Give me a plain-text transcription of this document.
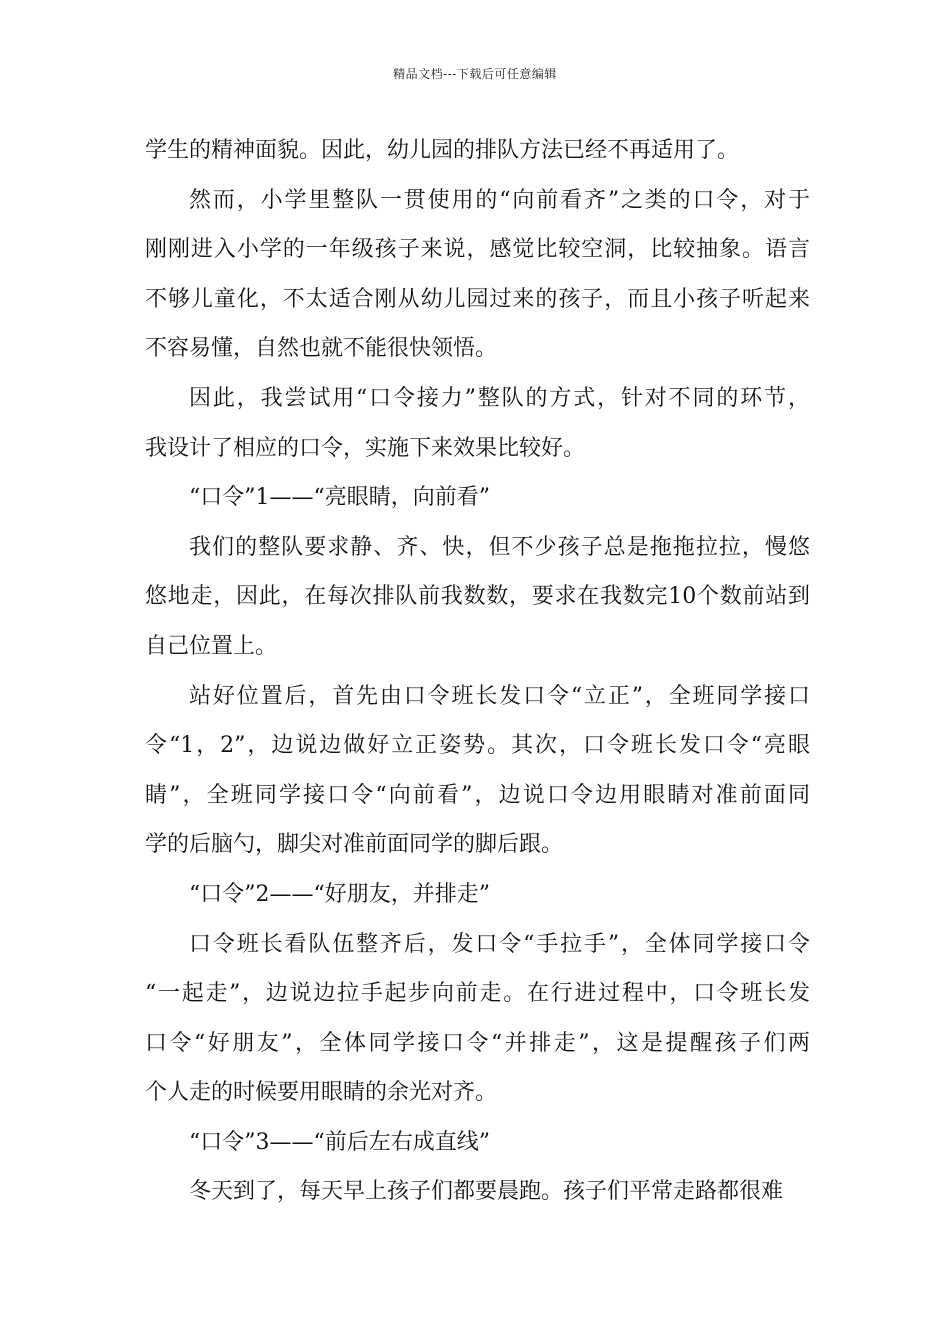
精品文档---下载后可任意编辑
学生的精神面貌。因此，幼儿园的排队方法已经不再适用了。
然而，小学里整队一贯使用的“向前看齐”之类的口令，对于
刚刚进入小学的一年级孩子来说，感觉比较空洞，比较抽象。语言
不够儿童化，不太适合刚从幼儿园过来的孩子，而且小孩子听起来
不容易懂，自然也就不能很快领悟。
因此，我尝试用“口令接力”整队的方式，针对不同的环节，
我设计了相应的口令，实施下来效果比较好。
“口令”1——“亮眼睛，向前看”
我们的整队要求静、齐、快，但不少孩子总是拖拖拉拉，慢悠
悠地走，因此，在每次排队前我数数，要求在我数完10个数前站到
自己位置上。
站好位置后，首先由口令班长发口令“立正”，全班同学接口
令“1，2”，边说边做好立正姿势。其次，口令班长发口令“亮眼
睛”，全班同学接口令“向前看”，边说口令边用眼睛对准前面同
学的后脑勺，脚尖对准前面同学的脚后跟。
“口令”2——“好朋友，并排走”
口令班长看队伍整齐后，发口令“手拉手”，全体同学接口令
“一起走”，边说边拉手起步向前走。在行进过程中，口令班长发
口令“好朋友”，全体同学接口令“并排走”，这是提醒孩子们两
个人走的时候要用眼睛的余光对齐。
“口令”3——“前后左右成直线”
冬天到了，每天早上孩子们都要晨跑。孩子们平常走路都很难
